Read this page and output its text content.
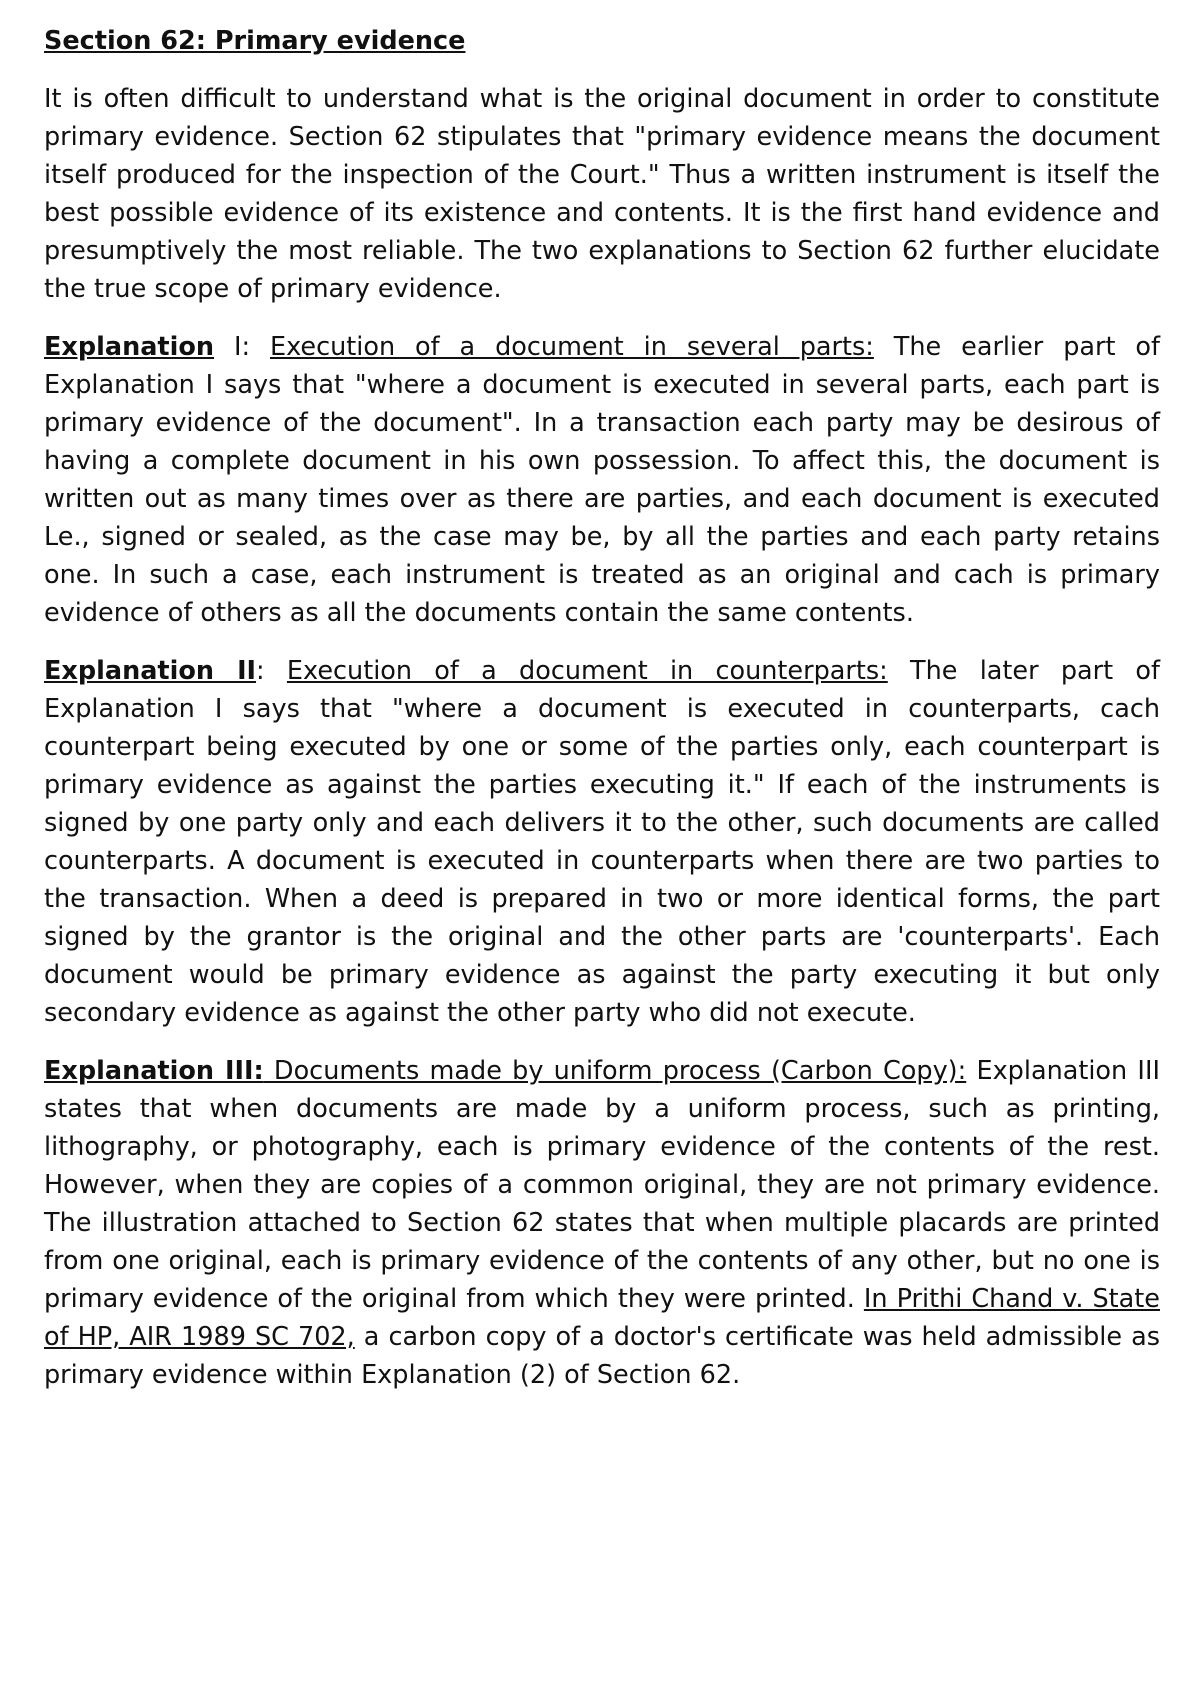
Section 62: Primary evidence

It is often difficult to understand what is the original document in order to constitute primary evidence. Section 62 stipulates that "primary evidence means the document itself produced for the inspection of the Court." Thus a written instrument is itself the best possible evidence of its existence and contents. It is the first hand evidence and presumptively the most reliable. The two explanations to Section 62 further elucidate the true scope of primary evidence.

Explanation I: Execution of a document in several parts: The earlier part of Explanation I says that "where a document is executed in several parts, each part is primary evidence of the document". In a transaction each party may be desirous of having a complete document in his own possession. To affect this, the document is written out as many times over as there are parties, and each document is executed Le., signed or sealed, as the case may be, by all the parties and each party retains one. In such a case, each instrument is treated as an original and cach is primary evidence of others as all the documents contain the same contents.

Explanation II: Execution of a document in counterparts: The later part of Explanation I says that "where a document is executed in counterparts, cach counterpart being executed by one or some of the parties only, each counterpart is primary evidence as against the parties executing it." If each of the instruments is signed by one party only and each delivers it to the other, such documents are called counterparts. A document is executed in counterparts when there are two parties to the transaction. When a deed is prepared in two or more identical forms, the part signed by the grantor is the original and the other parts are 'counterparts'. Each document would be primary evidence as against the party executing it but only secondary evidence as against the other party who did not execute.

Explanation III: Documents made by uniform process (Carbon Copy): Explanation III states that when documents are made by a uniform process, such as printing, lithography, or photography, each is primary evidence of the contents of the rest. However, when they are copies of a common original, they are not primary evidence. The illustration attached to Section 62 states that when multiple placards are printed from one original, each is primary evidence of the contents of any other, but no one is primary evidence of the original from which they were printed. In Prithi Chand v. State of HP, AIR 1989 SC 702, a carbon copy of a doctor's certificate was held admissible as primary evidence within Explanation (2) of Section 62.
